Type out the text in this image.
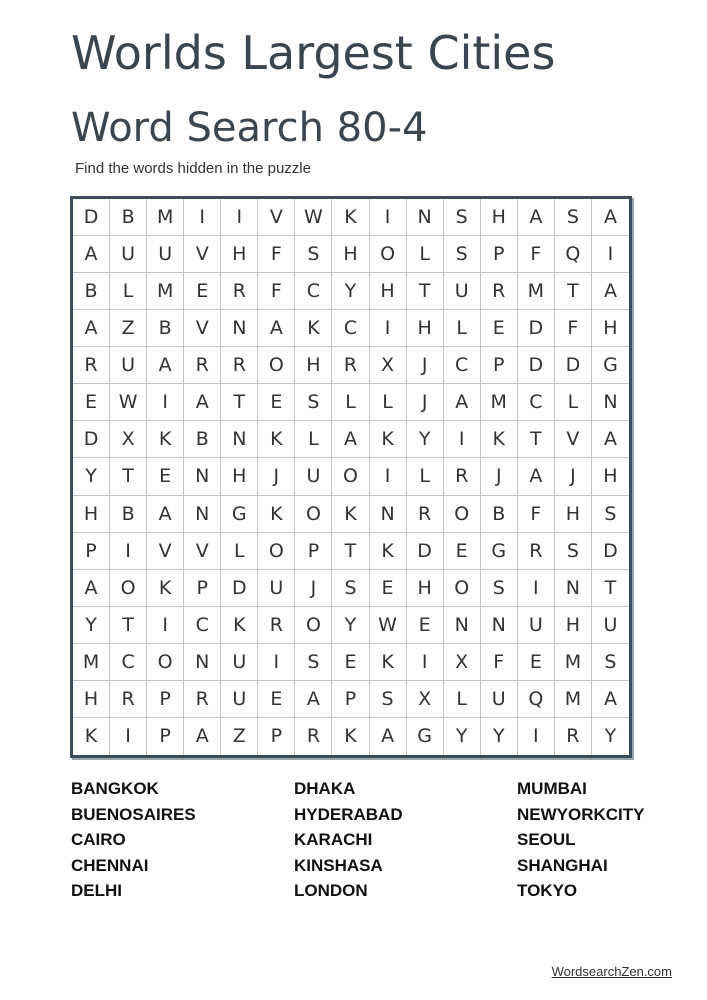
Worlds Largest Cities
Word Search 80-4

Find the words hidden in the puzzle

D	B	M	I	I	V	W	K	I	N	S	H	A	S	A
A	U	U	V	H	F	S	H	O	L	S	P	F	Q	I
B	L	M	E	R	F	C	Y	H	T	U	R	M	T	A
A	Z	B	V	N	A	K	C	I	H	L	E	D	F	H
R	U	A	R	R	O	H	R	X	J	C	P	D	D	G
E	W	I	A	T	E	S	L	L	J	A	M	C	L	N
D	X	K	B	N	K	L	A	K	Y	I	K	T	V	A
Y	T	E	N	H	J	U	O	I	L	R	J	A	J	H
H	B	A	N	G	K	O	K	N	R	O	B	F	H	S
P	I	V	V	L	O	P	T	K	D	E	G	R	S	D
A	O	K	P	D	U	J	S	E	H	O	S	I	N	T
Y	T	I	C	K	R	O	Y	W	E	N	N	U	H	U
M	C	O	N	U	I	S	E	K	I	X	F	E	M	S
H	R	P	R	U	E	A	P	S	X	L	U	Q	M	A
K	I	P	A	Z	P	R	K	A	G	Y	Y	I	R	Y
BANGKOK
BUENOSAIRES
CAIRO
CHENNAI
DELHI
DHAKA
HYDERABAD
KARACHI
KINSHASA
LONDON
MUMBAI
NEWYORKCITY
SEOUL
SHANGHAI
TOKYO
WordsearchZen.com
